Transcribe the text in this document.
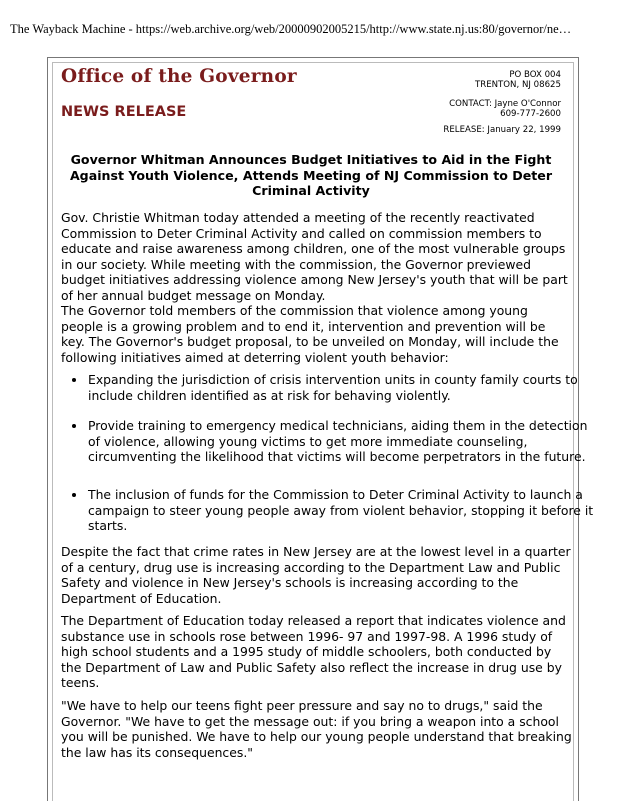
The Wayback Machine - https://web.archive.org/web/20000902005215/http://www.state.nj.us:80/governor/ne…
Office of the Governor
NEWS RELEASE
PO BOX 004
TRENTON, NJ 08625
CONTACT: Jayne O'Connor
609-777-2600
RELEASE: January 22, 1999
Governor Whitman Announces Budget Initiatives to Aid in the Fight Against Youth Violence, Attends Meeting of NJ Commission to Deter Criminal Activity
Gov. Christie Whitman today attended a meeting of the recently reactivated Commission to Deter Criminal Activity and called on commission members to educate and raise awareness among children, one of the most vulnerable groups in our society. While meeting with the commission, the Governor previewed budget initiatives addressing violence among New Jersey's youth that will be part of her annual budget message on Monday.
The Governor told members of the commission that violence among young people is a growing problem and to end it, intervention and prevention will be key. The Governor's budget proposal, to be unveiled on Monday, will include the following initiatives aimed at deterring violent youth behavior:
• Expanding the jurisdiction of crisis intervention units in county family courts to include children identified as at risk for behaving violently.
• Provide training to emergency medical technicians, aiding them in the detection of violence, allowing young victims to get more immediate counseling, circumventing the likelihood that victims will become perpetrators in the future.
• The inclusion of funds for the Commission to Deter Criminal Activity to launch a campaign to steer young people away from violent behavior, stopping it before it starts.
Despite the fact that crime rates in New Jersey are at the lowest level in a quarter of a century, drug use is increasing according to the Department Law and Public Safety and violence in New Jersey's schools is increasing according to the Department of Education.
The Department of Education today released a report that indicates violence and substance use in schools rose between 1996- 97 and 1997-98. A 1996 study of high school students and a 1995 study of middle schoolers, both conducted by the Department of Law and Public Safety also reflect the increase in drug use by teens.
"We have to help our teens fight peer pressure and say no to drugs," said the Governor. "We have to get the message out: if you bring a weapon into a school you will be punished. We have to help our young people understand that breaking the law has its consequences."
